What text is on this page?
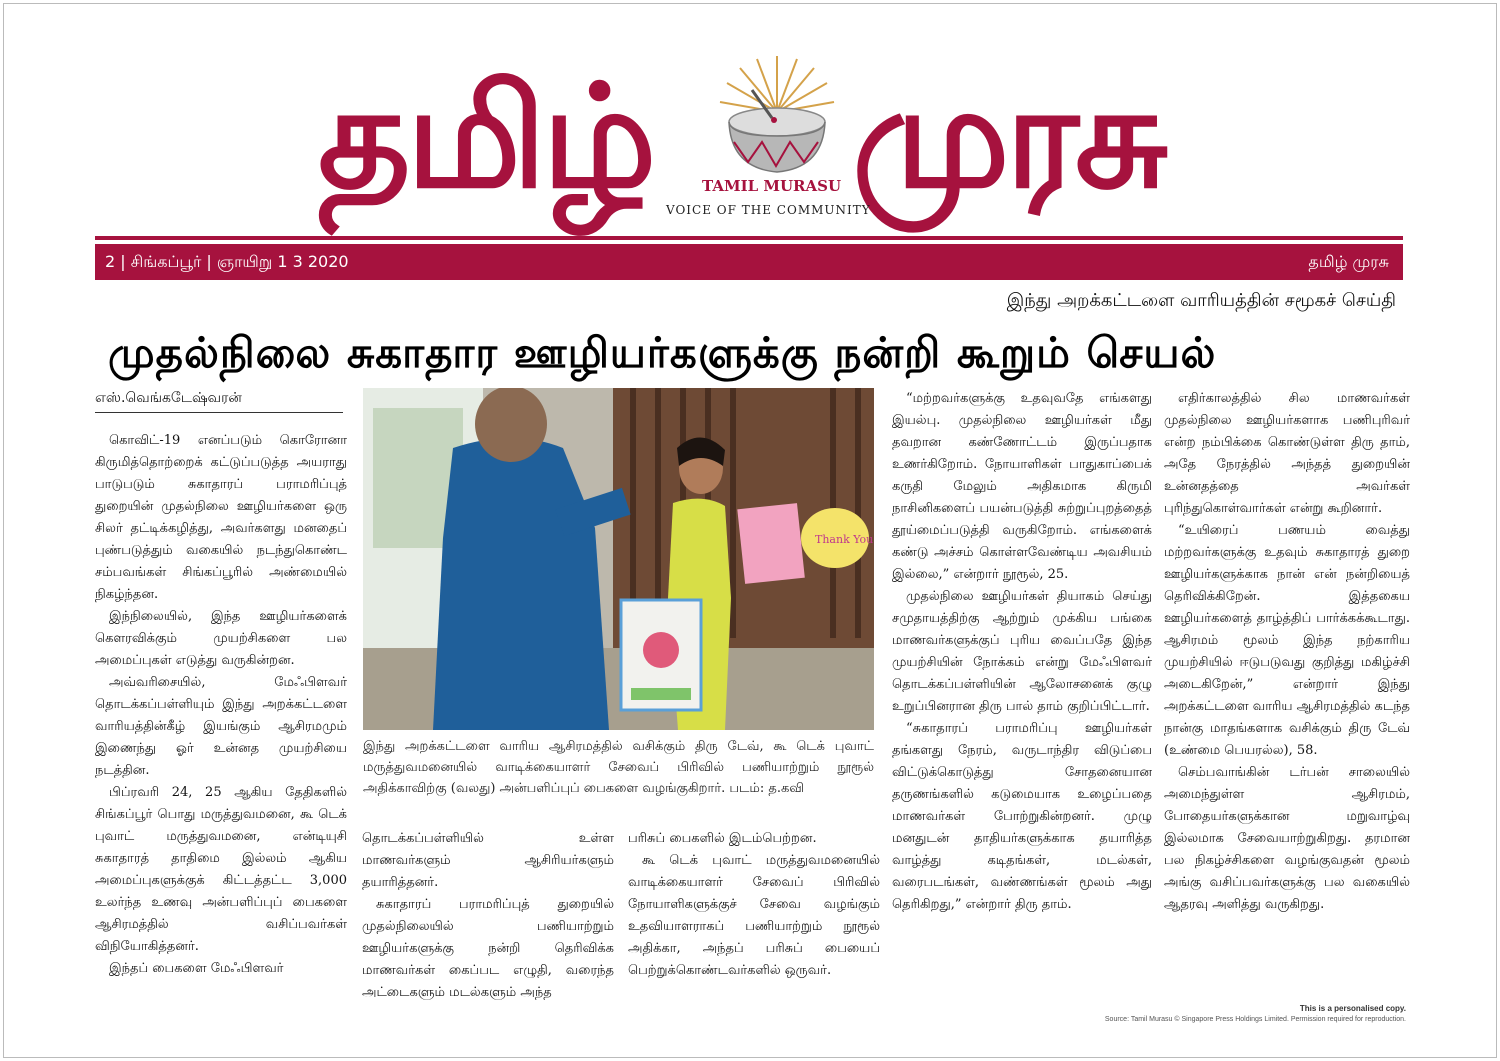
தமிழ் முரசு
TAMIL MURASU
VOICE OF THE COMMUNITY
2 | சிங்கப்பூர் | ஞாயிறு 1 3 2020	தமிழ் முரசு
இந்து அறக்கட்டளை வாரியத்தின் சமூகச் செய்தி
முதல்நிலை சுகாதார ஊழியர்களுக்கு நன்றி கூறும் செயல்
எஸ்.வெங்கடேஷ்வரன்

கொவிட்-19 எனப்படும் கொரோனா கிருமித்தொற்றைக் கட்டுப்படுத்த அயராது பாடுபடும் சுகாதாரப் பராமரிப்புத் துறையின் முதல்நிலை ஊழியர்களை ஒரு சிலர் தட்டிக்கழித்து, அவர்களது மனதைப் புண்படுத்தும் வகையில் நடந்துகொண்ட சம்பவங்கள் சிங்கப்பூரில் அண்மையில் நிகழ்ந்தன.

இந்நிலையில், இந்த ஊழியர்களைக் கௌரவிக்கும் முயற்சிகளை பல அமைப்புகள் எடுத்து வருகின்றன.

அவ்வரிசையில், மேஃபிளவர் தொடக்கப்பள்ளியும் இந்து அறக்கட்டளை வாரியத்தின்கீழ் இயங்கும் ஆசிரமமும் இணைந்து ஓர் உன்னத முயற்சியை நடத்தின.

பிப்ரவரி 24, 25 ஆகிய தேதிகளில் சிங்கப்பூர் பொது மருத்துவமனை, கூ டெக் புவாட் மருத்துவமனை, என்டியுசி சுகாதாரத் தாதிமை இல்லம் ஆகிய அமைப்புகளுக்குக் கிட்டத்தட்ட 3,000 உலர்ந்த உணவு அன்பளிப்புப் பைகளை ஆசிரமத்தில் வசிப்பவர்கள் விநியோகித்தனர்.

இந்தப் பைகளை மேஃபிளவர்

Thank You
இந்து அறக்கட்டளை வாரிய ஆசிரமத்தில் வசிக்கும் திரு டேவ், கூ டெக் புவாட் மருத்துவமனையில் வாடிக்கையாளர் சேவைப் பிரிவில் பணியாற்றும் நூரூல் அதிக்காவிற்கு (வலது) அன்பளிப்புப் பைகளை வழங்குகிறார். படம்: த.கவி

தொடக்கப்பள்ளியில் உள்ள மாணவர்களும் ஆசிரியர்களும் தயாரித்தனர்.

சுகாதாரப் பராமரிப்புத் துறையில் முதல்நிலையில் பணியாற்றும் ஊழியர்களுக்கு நன்றி தெரிவிக்க மாணவர்கள் கைப்பட எழுதி, வரைந்த அட்டைகளும் மடல்களும் அந்த

பரிசுப் பைகளில் இடம்பெற்றன.

கூ டெக் புவாட் மருத்துவமனையில் வாடிக்கையாளர் சேவைப் பிரிவில் நோயாளிகளுக்குச் சேவை வழங்கும் உதவியாளராகப் பணியாற்றும் நூரூல் அதிக்கா, அந்தப் பரிசுப் பையைப் பெற்றுக்கொண்டவர்களில் ஒருவர்.

“மற்றவர்களுக்கு உதவுவதே எங்களது இயல்பு. முதல்நிலை ஊழியர்கள் மீது தவறான கண்ணோட்டம் இருப்பதாக உணர்கிறோம். நோயாளிகள் பாதுகாப்பைக் கருதி மேலும் அதிகமாக கிருமி நாசினிகளைப் பயன்படுத்தி சுற்றுப்புறத்தைத் தூய்மைப்படுத்தி வருகிறோம். எங்களைக் கண்டு அச்சம் கொள்ளவேண்டிய அவசியம் இல்லை,” என்றார் நூரூல், 25.

முதல்நிலை ஊழியர்கள் தியாகம் செய்து சமுதாயத்திற்கு ஆற்றும் முக்கிய பங்கை மாணவர்களுக்குப் புரிய வைப்பதே இந்த முயற்சியின் நோக்கம் என்று மேஃபிளவர் தொடக்கப்பள்ளியின் ஆலோசனைக் குழு உறுப்பினரான திரு பால் தாம் குறிப்பிட்டார்.

“சுகாதாரப் பராமரிப்பு ஊழியர்கள் தங்களது நேரம், வருடாந்திர விடுப்பை விட்டுக்கொடுத்து சோதனையான தருணங்களில் கடுமையாக உழைப்பதை மாணவர்கள் போற்றுகின்றனர். முழு மனதுடன் தாதியர்களுக்காக தயாரித்த வாழ்த்து கடிதங்கள், மடல்கள், வரைபடங்கள், வண்ணங்கள் மூலம் அது தெரிகிறது,” என்றார் திரு தாம்.

எதிர்காலத்தில் சில மாணவர்கள் முதல்நிலை ஊழியர்களாக பணிபுரிவர் என்ற நம்பிக்கை கொண்டுள்ள திரு தாம், அதே நேரத்தில் அந்தத் துறையின் உன்னதத்தை அவர்கள் புரிந்துகொள்வார்கள் என்று கூறினார்.

“உயிரைப் பணயம் வைத்து மற்றவர்களுக்கு உதவும் சுகாதாரத் துறை ஊழியர்களுக்காக நான் என் நன்றியைத் தெரிவிக்கிறேன். இத்தகைய ஊழியர்களைத் தாழ்த்திப் பார்க்கக்கூடாது. ஆசிரமம் மூலம் இந்த நற்காரிய முயற்சியில் ஈடுபடுவது குறித்து மகிழ்ச்சி அடைகிறேன்,” என்றார் இந்து அறக்கட்டளை வாரிய ஆசிரமத்தில் கடந்த நான்கு மாதங்களாக வசிக்கும் திரு டேவ் (உண்மை பெயரல்ல), 58.

செம்பவாங்கின் டர்பன் சாலையில் அமைந்துள்ள ஆசிரமம், போதையர்களுக்கான மறுவாழ்வு இல்லமாக சேவையாற்றுகிறது. தரமான பல நிகழ்ச்சிகளை வழங்குவதன் மூலம் அங்கு வசிப்பவர்களுக்கு பல வகையில் ஆதரவு அளித்து வருகிறது.

This is a personalised copy.
Source: Tamil Murasu © Singapore Press Holdings Limited. Permission required for reproduction.
